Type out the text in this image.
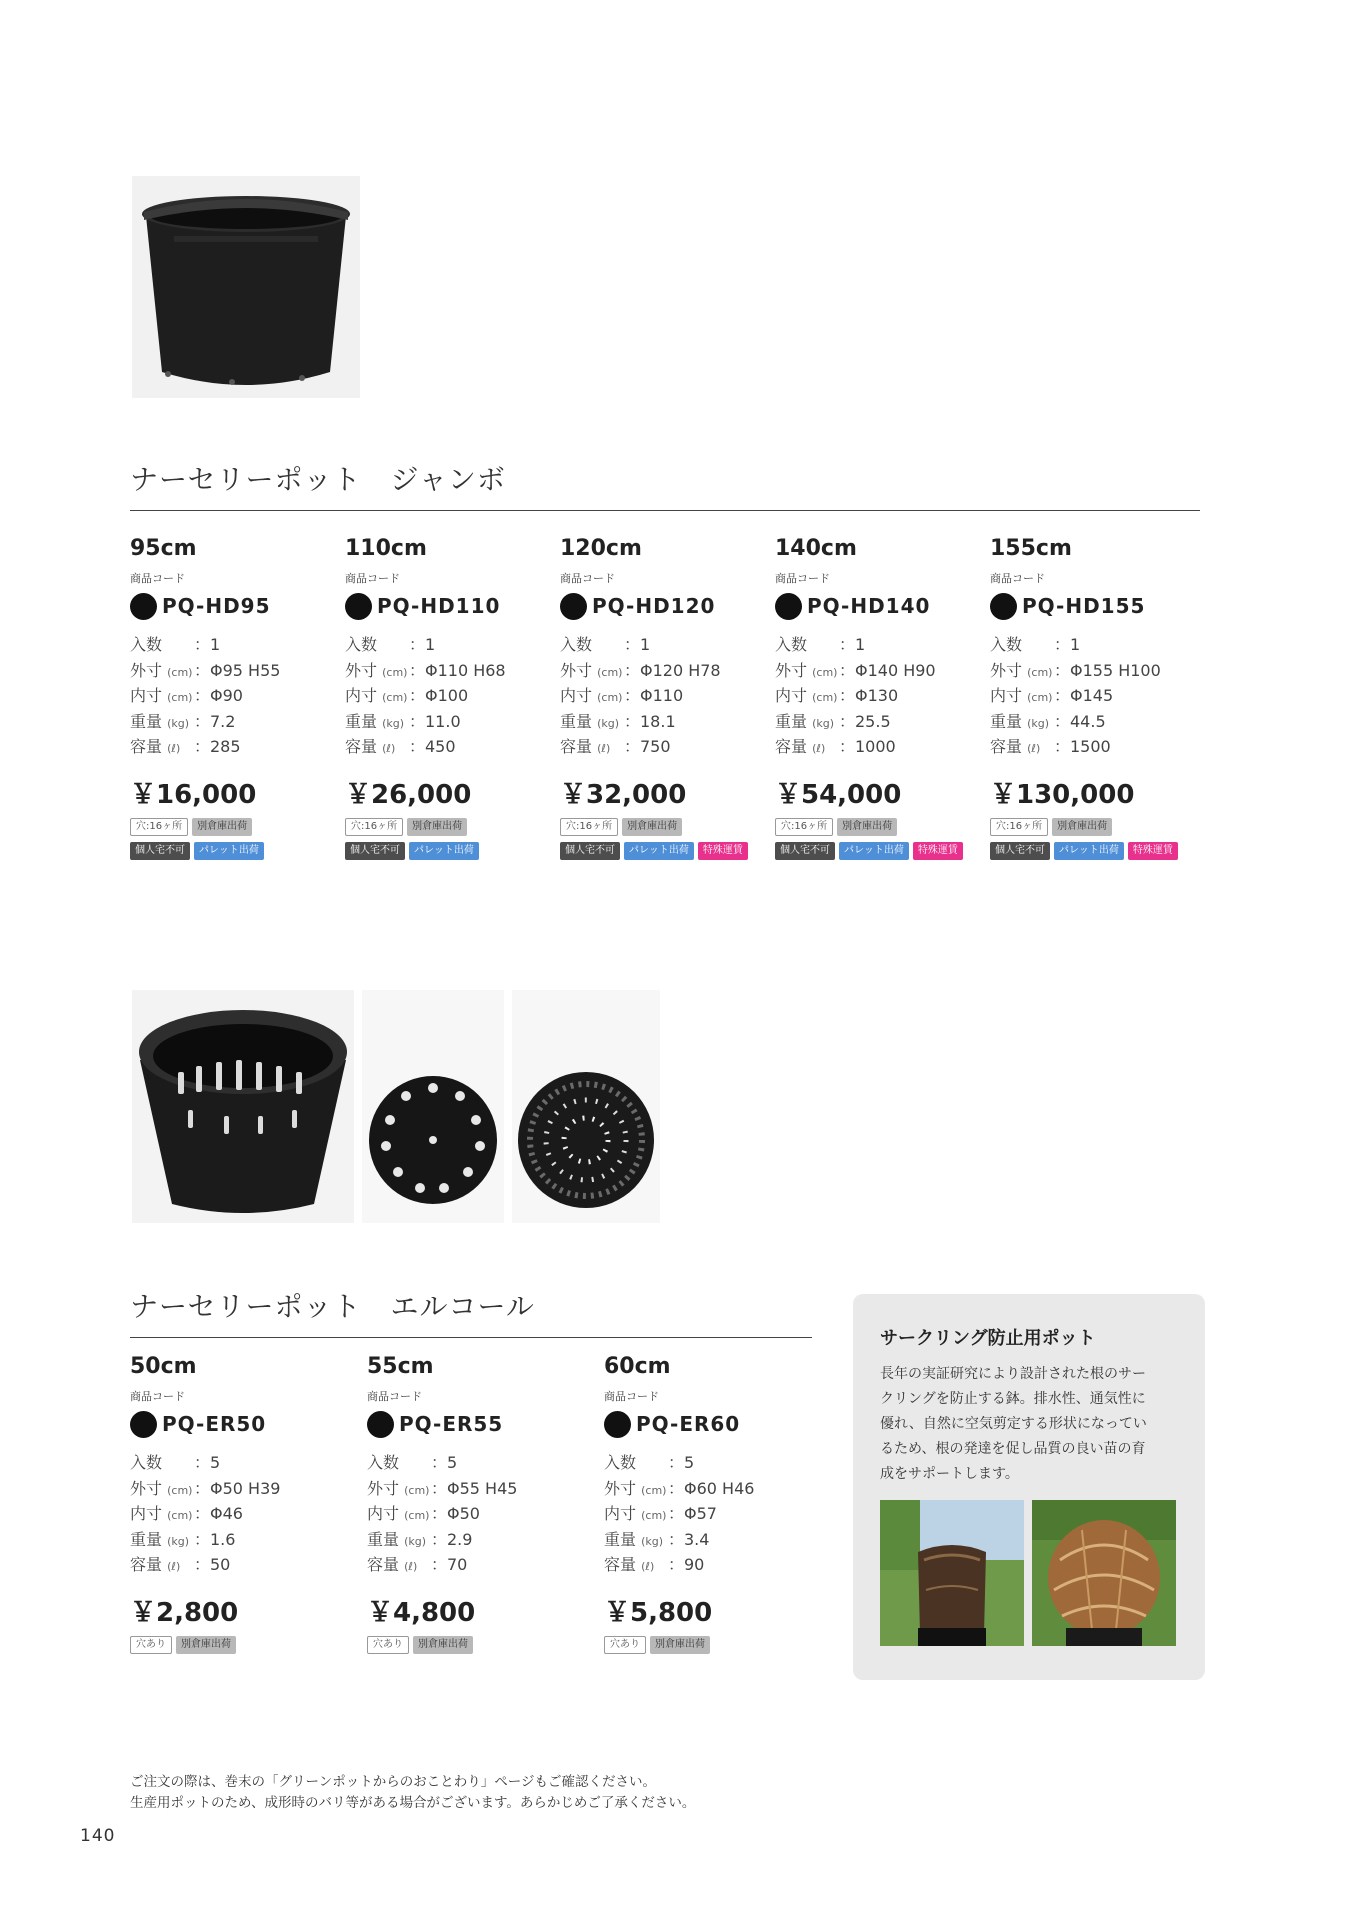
ナーセリーポット　ジャンボ
95cm
商品コード
PQ-HD95
入数	： 1
外寸 (cm) ： Φ95 H55
内寸 (cm) ： Φ90
重量 (kg) ： 7.2
容量 (ℓ) ： 285
￥16,000
穴:16ヶ所	別倉庫出荷
個人宅不可	パレット出荷
110cm
商品コード
PQ-HD110
入数	： 1
外寸 (cm) ： Φ110 H68
内寸 (cm) ： Φ100
重量 (kg) ： 11.0
容量 (ℓ) ： 450
￥26,000
穴:16ヶ所	別倉庫出荷
個人宅不可	パレット出荷
120cm
商品コード
PQ-HD120
入数	： 1
外寸 (cm) ： Φ120 H78
内寸 (cm) ： Φ110
重量 (kg) ： 18.1
容量 (ℓ) ： 750
￥32,000
穴:16ヶ所	別倉庫出荷
個人宅不可	パレット出荷	特殊運賃
140cm
商品コード
PQ-HD140
入数	： 1
外寸 (cm) ： Φ140 H90
内寸 (cm) ： Φ130
重量 (kg) ： 25.5
容量 (ℓ) ： 1000
￥54,000
穴:16ヶ所	別倉庫出荷
個人宅不可	パレット出荷	特殊運賃
155cm
商品コード
PQ-HD155
入数	： 1
外寸 (cm) ： Φ155 H100
内寸 (cm) ： Φ145
重量 (kg) ： 44.5
容量 (ℓ) ： 1500
￥130,000
穴:16ヶ所	別倉庫出荷
個人宅不可	パレット出荷	特殊運賃
ナーセリーポット　エルコール
50cm
商品コード
PQ-ER50
入数	： 5
外寸 (cm) ： Φ50 H39
内寸 (cm) ： Φ46
重量 (kg) ： 1.6
容量 (ℓ) ： 50
￥2,800
穴あり	別倉庫出荷
55cm
商品コード
PQ-ER55
入数	： 5
外寸 (cm) ： Φ55 H45
内寸 (cm) ： Φ50
重量 (kg) ： 2.9
容量 (ℓ) ： 70
￥4,800
穴あり	別倉庫出荷
60cm
商品コード
PQ-ER60
入数	： 5
外寸 (cm) ： Φ60 H46
内寸 (cm) ： Φ57
重量 (kg) ： 3.4
容量 (ℓ) ： 90
￥5,800
穴あり	別倉庫出荷
サークリング防止用ポット
長年の実証研究により設計された根のサー
クリングを防止する鉢。排水性、通気性に
優れ、自然に空気剪定する形状になってい
るため、根の発達を促し品質の良い苗の育
成をサポートします。
ご注文の際は、巻末の「グリーンポットからのおことわり」ページもご確認ください。
生産用ポットのため、成形時のバリ等がある場合がございます。あらかじめご了承ください。
140
